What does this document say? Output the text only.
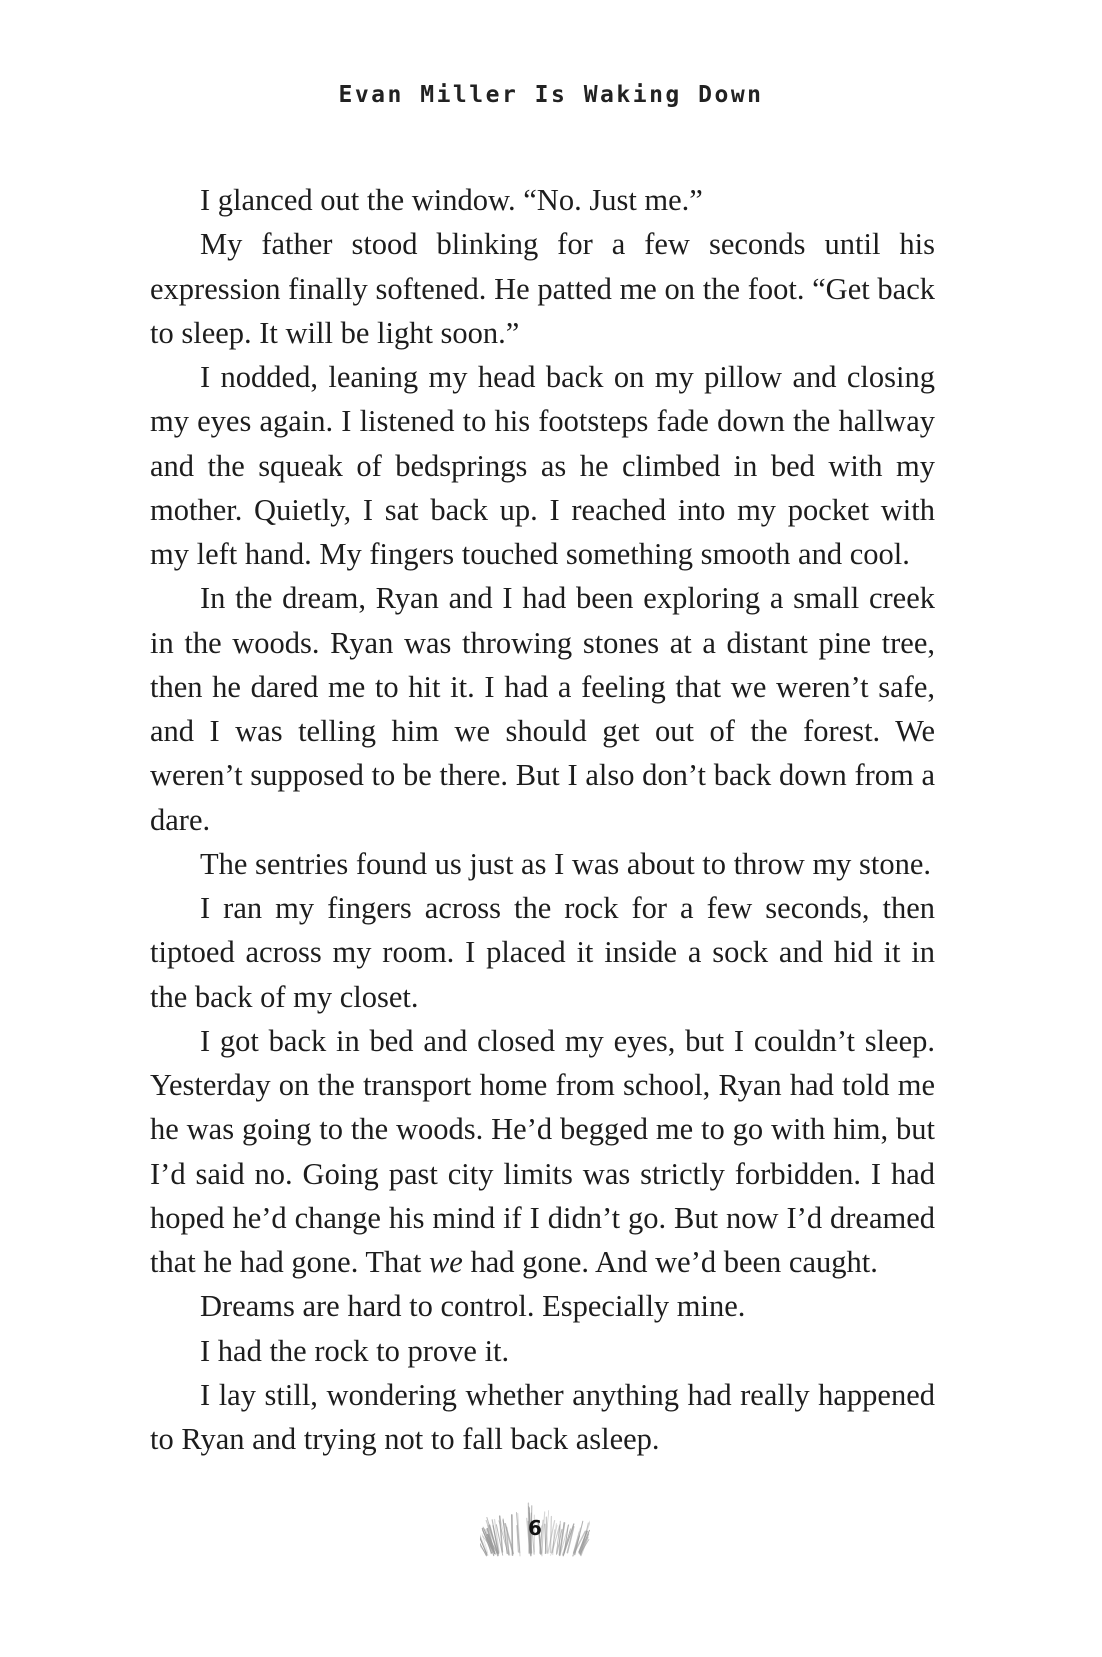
Evan Miller Is Waking Down

I glanced out the window. “No. Just me.”

My father stood blinking for a few seconds until his expression finally softened. He patted me on the foot. “Get back to sleep. It will be light soon.”

I nodded, leaning my head back on my pillow and closing my eyes again. I listened to his footsteps fade down the hallway and the squeak of bedsprings as he climbed in bed with my mother. Quietly, I sat back up. I reached into my pocket with my left hand. My fingers touched something smooth and cool.

In the dream, Ryan and I had been exploring a small creek in the woods. Ryan was throwing stones at a distant pine tree, then he dared me to hit it. I had a feeling that we weren’t safe, and I was telling him we should get out of the forest. We weren’t supposed to be there. But I also don’t back down from a dare.

The sentries found us just as I was about to throw my stone.

I ran my fingers across the rock for a few seconds, then tiptoed across my room. I placed it inside a sock and hid it in the back of my closet.

I got back in bed and closed my eyes, but I couldn’t sleep. Yesterday on the transport home from school, Ryan had told me he was going to the woods. He’d begged me to go with him, but I’d said no. Going past city limits was strictly forbidden. I had hoped he’d change his mind if I didn’t go. But now I’d dreamed that he had gone. That we had gone. And we’d been caught.

Dreams are hard to control. Especially mine.

I had the rock to prove it.

I lay still, wondering whether anything had really happened to Ryan and trying not to fall back asleep.

6
